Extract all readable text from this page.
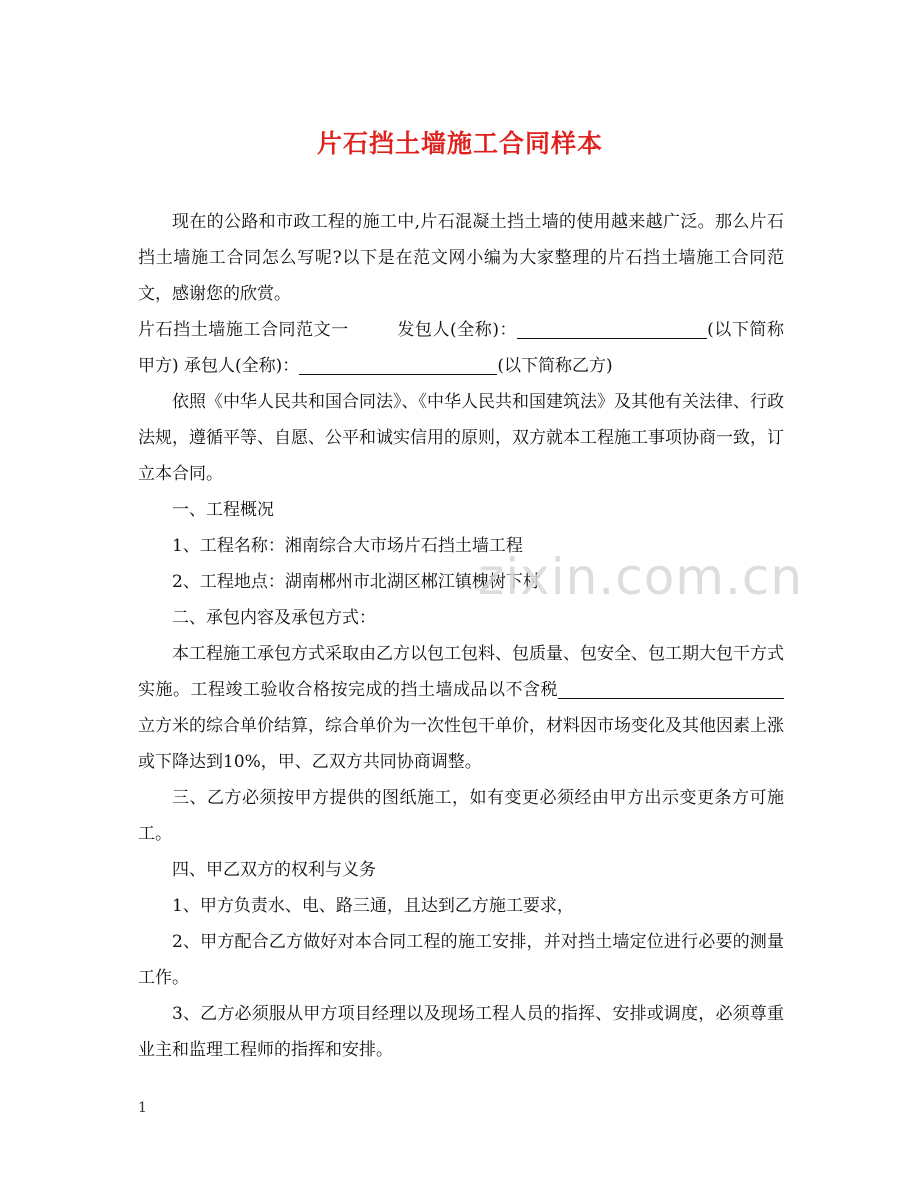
片石挡土墙施工合同样本

现在的公路和市政工程的施工中,片石混凝土挡土墙的使用越来越广泛。那么片石挡土墙施工合同怎么写呢?以下是在范文网小编为大家整理的片石挡土墙施工合同范文，感谢您的欣赏。

片石挡土墙施工合同范文一	发包人(全称)：	(以下简称甲方) 承包人(全称)：	(以下简称乙方)

依照《中华人民共和国合同法》、《中华人民共和国建筑法》及其他有关法律、行政法规，遵循平等、自愿、公平和诚实信用的原则，双方就本工程施工事项协商一致，订立本合同。

一、工程概况

1、工程名称：湘南综合大市场片石挡土墙工程

2、工程地点：湖南郴州市北湖区郴江镇槐树下村

二、承包内容及承包方式：

本工程施工承包方式采取由乙方以包工包料、包质量、包安全、包工期大包干方式实施。工程竣工验收合格按完成的挡土墙成品以不含税立方米的综合单价结算，综合单价为一次性包干单价，材料因市场变化及其他因素上涨或下降达到10%，甲、乙双方共同协商调整。

三、乙方必须按甲方提供的图纸施工，如有变更必须经由甲方出示变更条方可施工。

四、甲乙双方的权利与义务

1、甲方负责水、电、路三通，且达到乙方施工要求，

2、甲方配合乙方做好对本合同工程的施工安排，并对挡土墙定位进行必要的测量工作。

3、乙方必须服从甲方项目经理以及现场工程人员的指挥、安排或调度，必须尊重业主和监理工程师的指挥和安排。

zixin.com.cn
1
